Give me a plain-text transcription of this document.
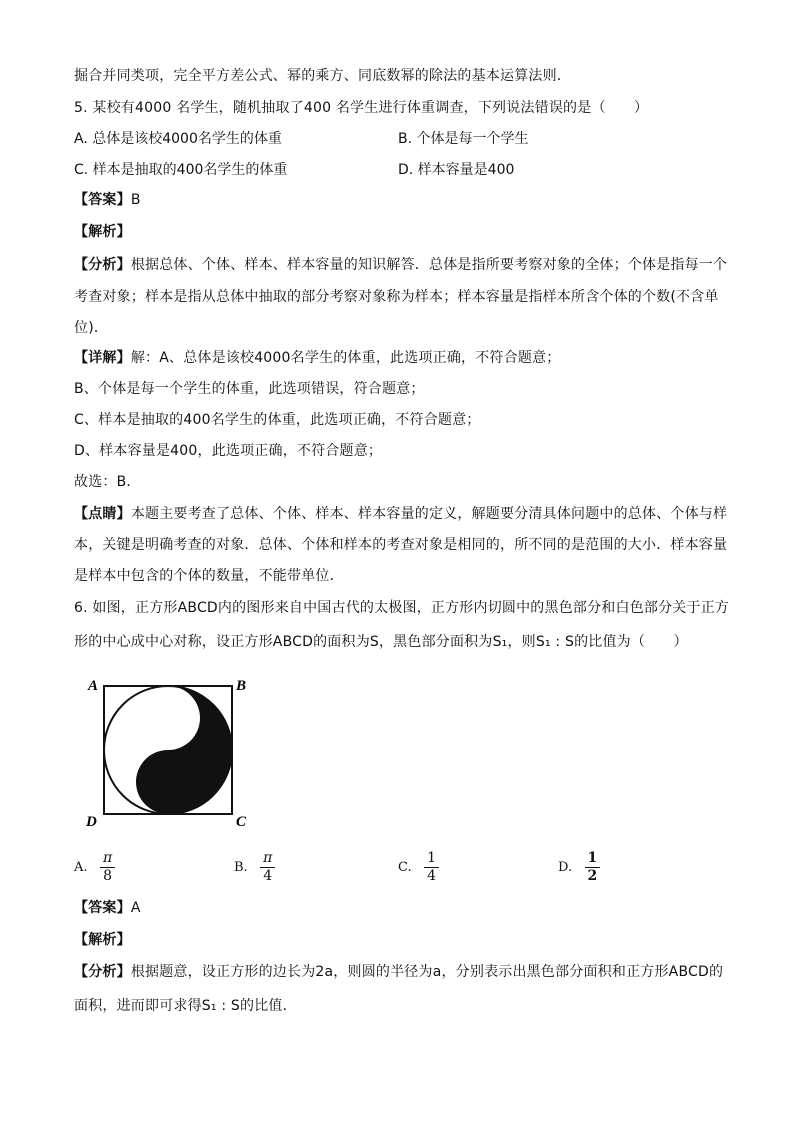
掘合并同类项，完全平方差公式、幂的乘方、同底数幂的除法的基本运算法则．
5. 某校有4000 名学生，随机抽取了400 名学生进行体重调查，下列说法错误的是（　　）
A. 总体是该校4000名学生的体重	B. 个体是每一个学生
C. 样本是抽取的400名学生的体重	D. 样本容量是400
【答案】B
【解析】
【分析】根据总体、个体、样本、样本容量的知识解答．总体是指所要考察对象的全体；个体是指每一个
考查对象；样本是指从总体中抽取的部分考察对象称为样本；样本容量是指样本所含个体的个数(不含单
位)．
【详解】解：A、总体是该校4000名学生的体重，此选项正确，不符合题意；
B、个体是每一个学生的体重，此选项错误，符合题意；
C、样本是抽取的400名学生的体重，此选项正确，不符合题意；
D、样本容量是400，此选项正确，不符合题意；
故选：B．
【点睛】本题主要考查了总体、个体、样本、样本容量的定义，解题要分清具体问题中的总体、个体与样
本，关键是明确考查的对象．总体、个体和样本的考查对象是相同的，所不同的是范围的大小．样本容量
是样本中包含的个体的数量，不能带单位．
6. 如图，正方形ABCD内的图形来自中国古代的太极图，正方形内切圆中的黑色部分和白色部分关于正方
形的中心成中心对称，设正方形ABCD的面积为S，黑色部分面积为S₁，则S₁ : S的比值为（　　）
A	B
C
D
A. $\frac{\pi}{8}$	B. $\frac{\pi}{4}$	C. $\frac{1}{4}$	D. $\frac{1}{2}$
【答案】A
【解析】
【分析】根据题意，设正方形的边长为2a，则圆的半径为a，分别表示出黑色部分面积和正方形ABCD的
面积，进而即可求得S₁ : S的比值．
